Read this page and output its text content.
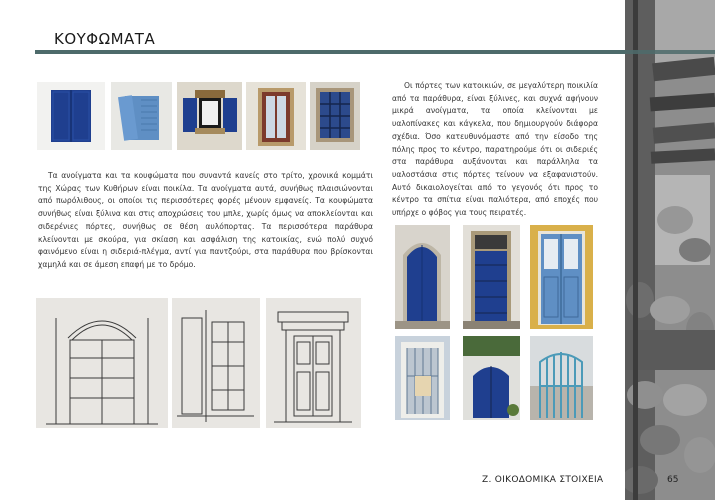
ΚΟΥΦΩΜΑΤΑ
Τα ανοίγματα και τα κουφώματα που συναντά κανείς στο τρίτο, χρονικά κομμάτι της Χώρας των Κυθήρων είναι ποικίλα. Τα ανοίγματα αυτά, συνήθως πλαισιώνονται από πωρόλιθους, οι οποίοι τις περισσότερες φορές μένουν εμφανείς. Τα κουφώματα συνήθως είναι ξύλινα και στις αποχρώσεις του μπλε, χωρίς όμως να αποκλείονται και σιδερένιες πόρτες, συνήθως σε θέση αυλόπορτας. Τα περισσότερα παράθυρα κλείνονται με σκούρα, για σκίαση και ασφάλιση της κατοικίας, ενώ πολύ συχνό φαινόμενο είναι η σιδεριά-πλέγμα, αντί για παντζούρι, στα παράθυρα που βρίσκονται χαμηλά και σε άμεση επαφή με το δρόμο.
Οι πόρτες των κατοικιών, σε μεγαλύτερη ποικιλία από τα παράθυρα, είναι ξύλινες, και συχνά αφήνουν μικρά ανοίγματα, τα οποία κλείνονται με υαλοπίνακες και κάγκελα, που δημιουργούν διάφορα σχέδια. Όσο κατευθυνόμαστε από την είσοδο της πόλης προς το κέντρο, παρατηρούμε ότι οι σιδεριές στα παράθυρα αυξάνονται και παράλληλα τα υαλοστάσια στις πόρτες τείνουν να εξαφανιστούν. Αυτό δικαιολογείται από το γεγονός ότι προς το κέντρο τα σπίτια είναι παλιότερα, από εποχές που υπήρχε ο φόβος για τους πειρατές.
Ζ. ΟΙΚΟΔΟΜΙΚΑ ΣΤΟΙΧΕΙΑ	65
